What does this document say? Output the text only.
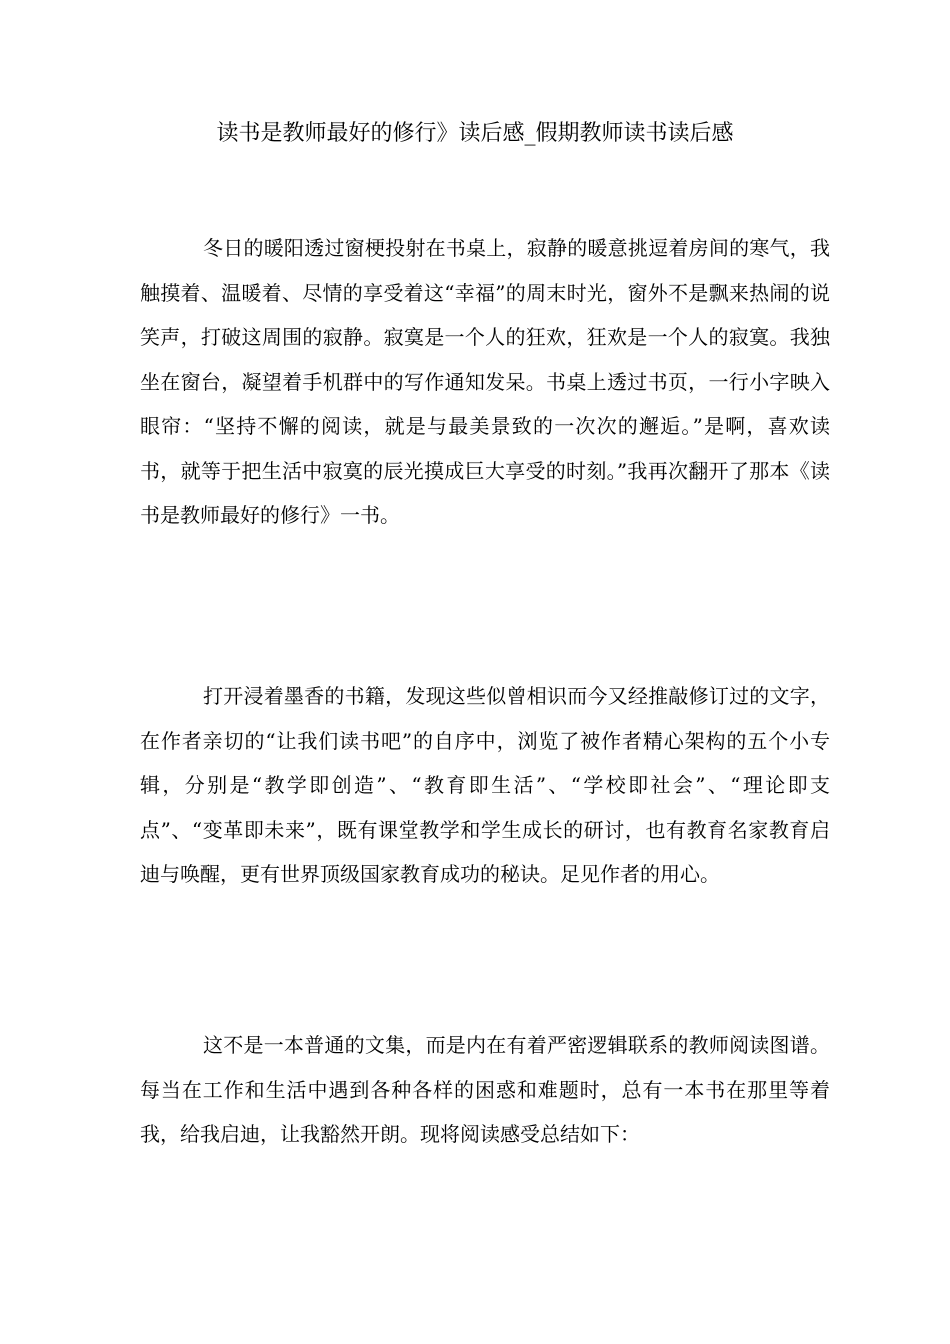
读书是教师最好的修行》读后感_假期教师读书读后感

冬日的暖阳透过窗梗投射在书桌上，寂静的暖意挑逗着房间的寒气，我触摸着、温暖着、尽情的享受着这“幸福”的周末时光，窗外不是飘来热闹的说笑声，打破这周围的寂静。寂寞是一个人的狂欢，狂欢是一个人的寂寞。我独坐在窗台，凝望着手机群中的写作通知发呆。书桌上透过书页，一行小字映入眼帘：“坚持不懈的阅读，就是与最美景致的一次次的邂逅。”是啊，喜欢读书，就等于把生活中寂寞的辰光摸成巨大享受的时刻。”我再次翻开了那本《读书是教师最好的修行》一书。

打开浸着墨香的书籍，发现这些似曾相识而今又经推敲修订过的文字，在作者亲切的“让我们读书吧”的自序中，浏览了被作者精心架构的五个小专辑，分别是“教学即创造”、“教育即生活”、“学校即社会”、“理论即支点”、“变革即未来”，既有课堂教学和学生成长的研讨，也有教育名家教育启迪与唤醒，更有世界顶级国家教育成功的秘诀。足见作者的用心。

这不是一本普通的文集，而是内在有着严密逻辑联系的教师阅读图谱。每当在工作和生活中遇到各种各样的困惑和难题时，总有一本书在那里等着我，给我启迪，让我豁然开朗。现将阅读感受总结如下：
